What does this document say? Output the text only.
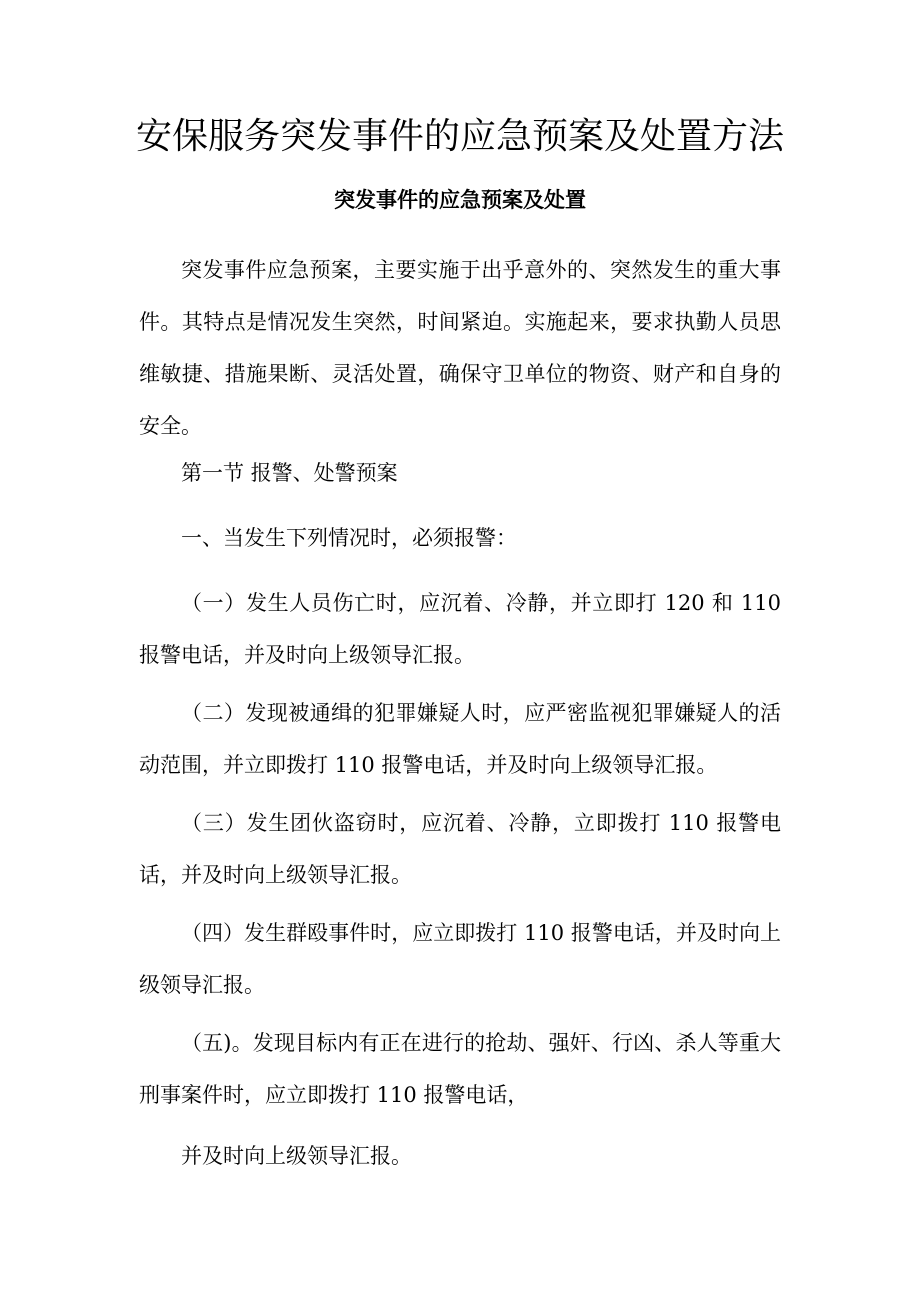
安保服务突发事件的应急预案及处置方法
突发事件的应急预案及处置

突发事件应急预案，主要实施于出乎意外的、突然发生的重大事件。其特点是情况发生突然，时间紧迫。实施起来，要求执勤人员思维敏捷、措施果断、灵活处置，确保守卫单位的物资、财产和自身的安全。

第一节 报警、处警预案

一、当发生下列情况时，必须报警：

（一）发生人员伤亡时，应沉着、冷静，并立即打 120 和 110 报警电话，并及时向上级领导汇报。

（二）发现被通缉的犯罪嫌疑人时，应严密监视犯罪嫌疑人的活动范围，并立即拨打 110 报警电话，并及时向上级领导汇报。

（三）发生团伙盗窃时，应沉着、冷静，立即拨打 110 报警电话，并及时向上级领导汇报。

（四）发生群殴事件时，应立即拨打 110 报警电话，并及时向上级领导汇报。

（五)。发现目标内有正在进行的抢劫、强奸、行凶、杀人等重大刑事案件时，应立即拨打 110 报警电话，

并及时向上级领导汇报。
